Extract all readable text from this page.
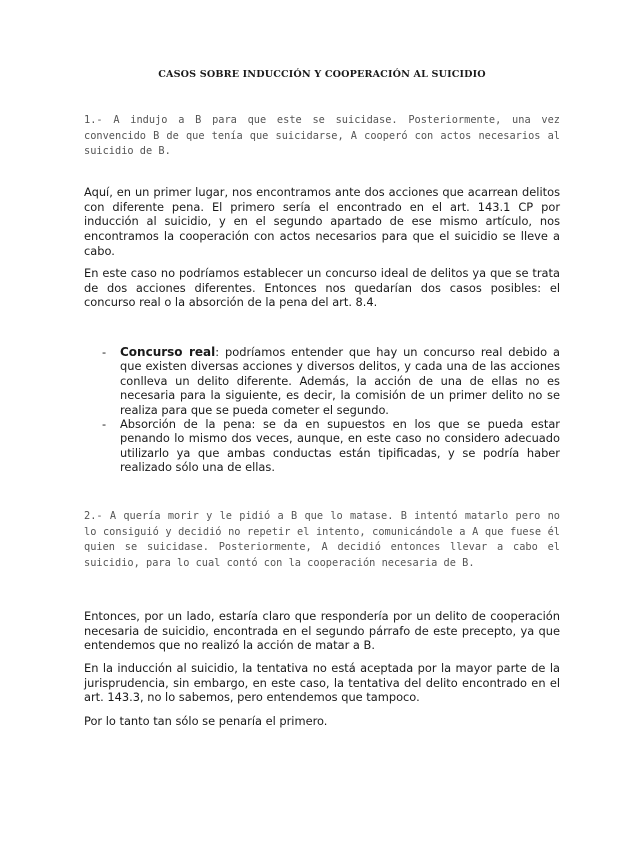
CASOS SOBRE INDUCCIÓN Y COOPERACIÓN AL SUICIDIO
1.- A indujo a B para que este se suicidase. Posteriormente, una vez convencido B de que tenía que suicidarse, A cooperó con actos necesarios al suicidio de B.

Aquí, en un primer lugar, nos encontramos ante dos acciones que acarrean delitos con diferente pena. El primero sería el encontrado en el art. 143.1 CP por inducción al suicidio, y en el segundo apartado de ese mismo artículo, nos encontramos la cooperación con actos necesarios para que el suicidio se lleve a cabo.

En este caso no podríamos establecer un concurso ideal de delitos ya que se trata de dos acciones diferentes. Entonces nos quedarían dos casos posibles: el concurso real o la absorción de la pena del art. 8.4.

- Concurso real: podríamos entender que hay un concurso real debido a que existen diversas acciones y diversos delitos, y cada una de las acciones conlleva un delito diferente. Además, la acción de una de ellas no es necesaria para la siguiente, es decir, la comisión de un primer delito no se realiza para que se pueda cometer el segundo.
- Absorción de la pena: se da en supuestos en los que se pueda estar penando lo mismo dos veces, aunque, en este caso no considero adecuado utilizarlo ya que ambas conductas están tipificadas, y se podría haber realizado sólo una de ellas.
2.- A quería morir y le pidió a B que lo matase. B intentó matarlo pero no lo consiguió y decidió no repetir el intento, comunicándole a A que fuese él quien se suicidase. Posteriormente, A decidió entonces llevar a cabo el suicidio, para lo cual contó con la cooperación necesaria de B.

Entonces, por un lado, estaría claro que respondería por un delito de cooperación necesaria de suicidio, encontrada en el segundo párrafo de este precepto, ya que entendemos que no realizó la acción de matar a B.

En la inducción al suicidio, la tentativa no está aceptada por la mayor parte de la jurisprudencia, sin embargo, en este caso, la tentativa del delito encontrado en el art. 143.3, no lo sabemos, pero entendemos que tampoco.

Por lo tanto tan sólo se penaría el primero.
